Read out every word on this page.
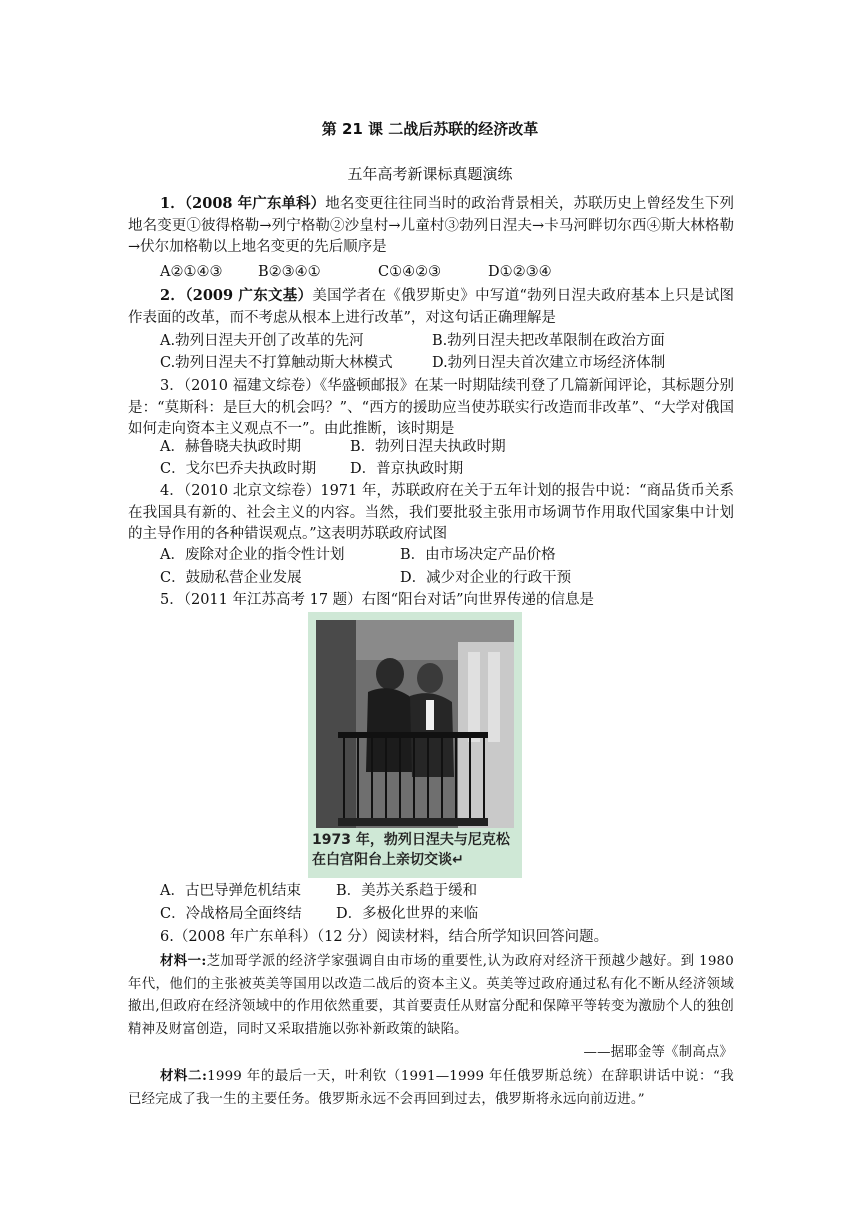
第 21 课 二战后苏联的经济改革
五年高考新课标真题演练
1．（2008 年广东单科）地名变更往往同当时的政治背景相关，苏联历史上曾经发生下列地名变更①彼得格勒→列宁格勒②沙皇村→儿童村③勃列日涅夫→卡马河畔切尔西④斯大林格勒→伏尔加格勒以上地名变更的先后顺序是
A②①④③ B②③④①	C①④②③	D①②③④
2．（2009 广东文基）美国学者在《俄罗斯史》中写道“勃列日涅夫政府基本上只是试图作表面的改革，而不考虑从根本上进行改革”，对这句话正确理解是
A.勃列日涅夫开创了改革的先河	B.勃列日涅夫把改革限制在政治方面
C.勃列日涅夫不打算触动斯大林模式	D.勃列日涅夫首次建立市场经济体制
3．（2010 福建文综卷）《华盛顿邮报》在某一时期陆续刊登了几篇新闻评论，其标题分别是：“莫斯科：是巨大的机会吗？”、“西方的援助应当使苏联实行改造而非改革”、“大学对俄国如何走向资本主义观点不一”。由此推断，该时期是
A．赫鲁晓夫执政时期	B．勃列日涅夫执政时期
C．戈尔巴乔夫执政时期 D．普京执政时期
4．（2010 北京文综卷）1971 年，苏联政府在关于五年计划的报告中说：“商品货币关系在我国具有新的、社会主义的内容。当然，我们要批驳主张用市场调节作用取代国家集中计划的主导作用的各种错误观点。”这表明苏联政府试图
A．废除对企业的指令性计划	B．由市场决定产品价格
C．鼓励私营企业发展	D．减少对企业的行政干预
5．（2011 年江苏高考 17 题）右图“阳台对话”向世界传递的信息是
1973 年，勃列日涅夫与尼克松
在白宫阳台上亲切交谈↵
A．古巴导弹危机结束 B．美苏关系趋于缓和
C．冷战格局全面终结 D．多极化世界的来临
6.（2008 年广东单科）（12 分）阅读材料，结合所学知识回答问题。
材料一:芝加哥学派的经济学家强调自由市场的重要性,认为政府对经济干预越少越好。到 1980 年代，他们的主张被英美等国用以改造二战后的资本主义。英美等过政府通过私有化不断从经济领域撤出,但政府在经济领域中的作用依然重要，其首要责任从财富分配和保障平等转变为激励个人的独创精神及财富创造，同时又采取措施以弥补新政策的缺陷。
——据耶金等《制高点》
材料二:1999 年的最后一天，叶利钦（1991—1999 年任俄罗斯总统）在辞职讲话中说：“我已经完成了我一生的主要任务。俄罗斯永远不会再回到过去，俄罗斯将永远向前迈进。”
